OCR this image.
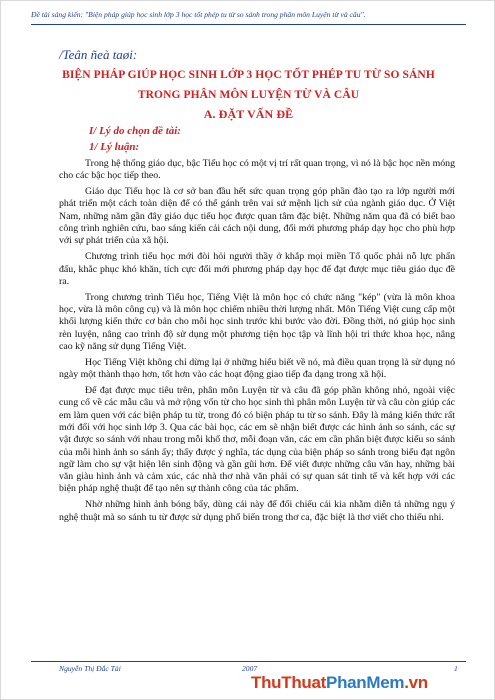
Đề tài sáng kiến: "Biện pháp giúp học sinh lớp 3 học tốt phép tu từ so sánh trong phân môn Luyện từ và câu".
/Teân ñeà taøi:
BIỆN PHÁP GIÚP HỌC SINH LỚP 3 HỌC TỐT PHÉP TU TỪ SO SÁNH
TRONG PHÂN MÔN LUYỆN TỪ VÀ CÂU
A. ĐẶT VẤN ĐỀ
I/ Lý do chọn đề tài:
1/ Lý luận:

Trong hệ thống giáo dục, bậc Tiểu học có một vị trí rất quan trọng, vì nó là bậc học nền móng cho các bậc học tiếp theo.

Giáo dục Tiểu học là cơ sở ban đầu hết sức quan trọng góp phần đào tạo ra lớp người mới phát triển một cách toàn diện để có thể gánh trên vai sứ mệnh lịch sử của ngành giáo dục. Ở Việt Nam, những năm gần đây giáo dục tiểu học được quan tâm đặc biệt. Những năm qua đã có biết bao công trình nghiên cứu, bao sáng kiến cải cách nội dung, đổi mới phương pháp dạy học cho phù hợp với sự phát triển của xã hội.

Chương trình tiểu học mới đòi hỏi người thầy ở khắp mọi miền Tổ quốc phải nỗ lực phấn đấu, khắc phục khó khăn, tích cực đổi mới phương pháp dạy học để đạt được mục tiêu giáo dục đề ra.

Trong chương trình Tiểu học, Tiếng Việt là môn học có chức năng "kép" (vừa là môn khoa học, vừa là môn công cụ) và là môn học chiếm nhiều thời lượng nhất. Môn Tiếng Việt cung cấp một khối lượng kiến thức cơ bản cho mỗi học sinh trước khi bước vào đời. Đồng thời, nó giúp học sinh rèn luyện, nâng cao trình độ sử dụng một phương tiện học tập và lĩnh hội tri thức khoa học, nâng cao kỹ năng sử dụng Tiếng Việt.

Học Tiếng Việt không chỉ dừng lại ở những hiểu biết về nó, mà điều quan trọng là sử dụng nó ngày một thành thạo hơn, tốt hơn vào các hoạt động giao tiếp đa dạng trong xã hội.

Để đạt được mục tiêu trên, phân môn Luyện từ và câu đã góp phần không nhỏ, ngoài việc cung cố về các mẫu câu và mở rộng vốn từ cho học sinh thì phân môn Luyện từ và câu còn giúp các em làm quen với các biện pháp tu từ, trong đó có biện pháp tu từ so sánh. Đây là mảng kiến thức rất mới đối với học sinh lớp 3. Qua các bài học, các em sẽ nhận biết được các hình ảnh so sánh, các sự vật được so sánh với nhau trong mỗi khổ thơ, mỗi đoạn văn, các em cần phân biệt được kiểu so sánh của mỗi hình ảnh so sánh ấy; thấy được ý nghĩa, tác dụng của biện pháp so sánh trong biểu đạt ngôn ngữ làm cho sự vật hiện lên sinh động và gần gũi hơn. Để viết được những câu văn hay, những bài văn giàu hình ảnh và cảm xúc, các nhà thơ nhà văn phải có sự quan sát tinh tế và kết hợp với các biện pháp nghệ thuật để tạo nên sự thành công của tác phẩm.

Nhờ những hình ảnh bóng bẩy, dùng cái này để đối chiếu cái kia nhằm diễn tả những ngụ ý nghệ thuật mà so sánh tu từ được sử dụng phổ biến trong thơ ca, đặc biệt là thơ viết cho thiếu nhi.

Nguyễn Thị Đắc Tài	2007	1
ThuThuatPhanMem.vn
